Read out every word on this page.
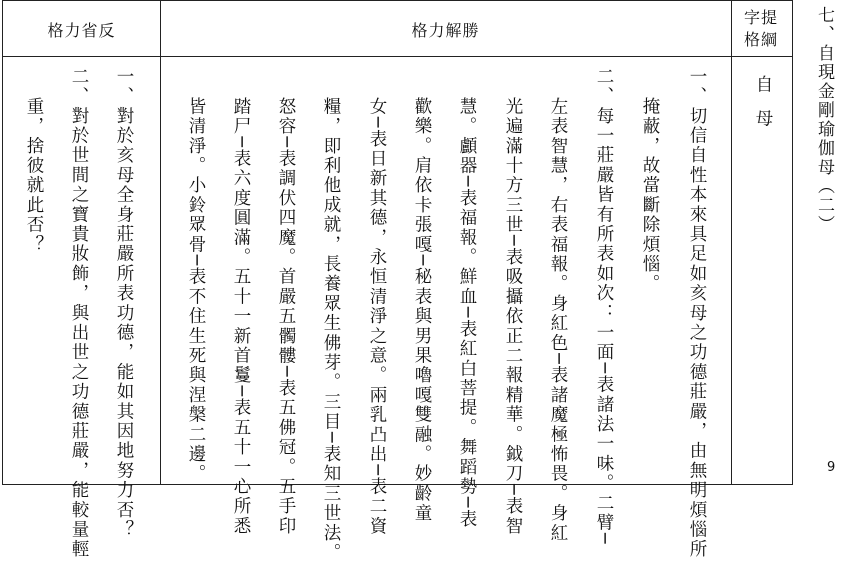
格力省反	格力解勝
字提
格綱
自
母
一、切信自性本來具足如亥母之功德莊嚴，由無明煩惱所
掩蔽，故當斷除煩惱。
二、每一莊嚴皆有所表如次：一面─表諸法一味。二臂─
左表智慧，右表福報。身紅色─表諸魔極怖畏。身紅
光遍滿十方三世─表吸攝依正二報精華。鉞刀─表智
慧。顱器─表福報。鮮血─表紅白菩提。舞蹈勢─表
歡樂。肩依卡張嘎─秘表與男果嚕嘎雙融。妙齡童
女─表日新其德，永恒清淨之意。兩乳凸出─表二資
糧，即利他成就，長養眾生佛芽。三目─表知三世法。
怒容─表調伏四魔。首嚴五髑髏─表五佛冠。五手印
踏尸─表六度圓滿。五十一新首鬘─表五十一心所悉
皆清淨。小鈴眾骨─表不住生死與涅槃二邊。
一、對於亥母全身莊嚴所表功德，能如其因地努力否？
二、對於世間之寶貴妝飾，與出世之功德莊嚴，能較量輕
重，捨彼就此否？	七、自現金剛瑜伽母（二）
9
